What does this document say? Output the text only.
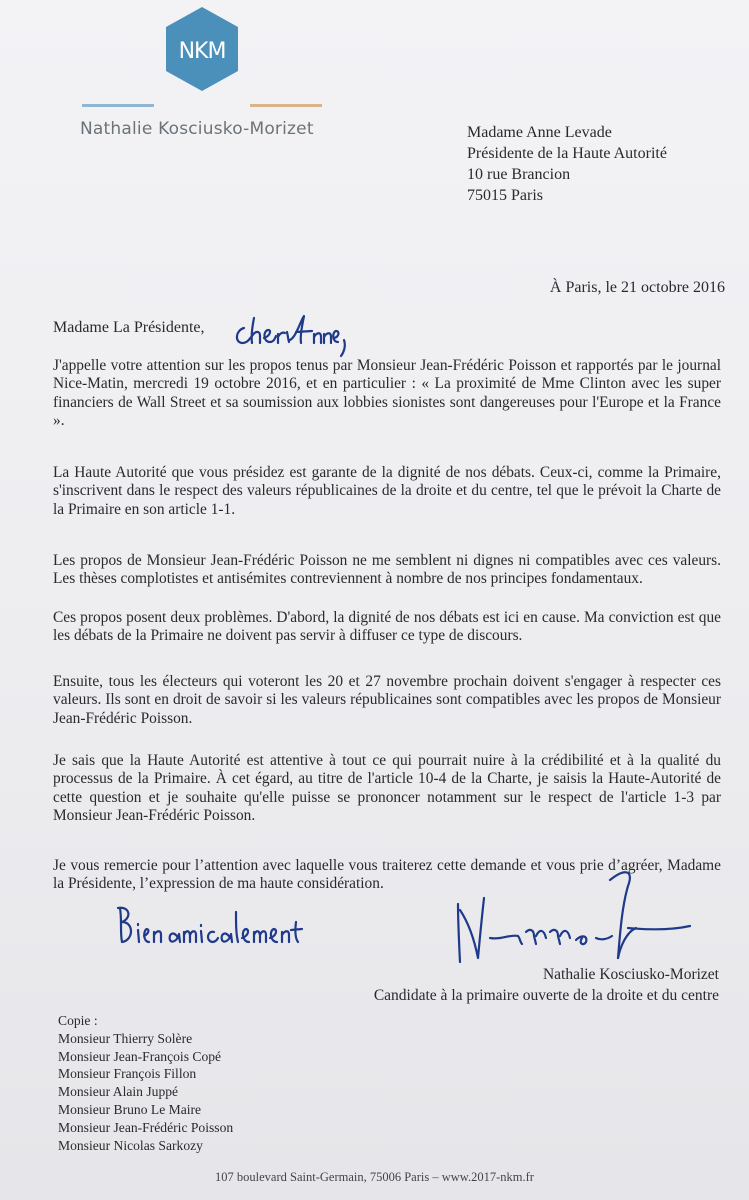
NKM
Nathalie Kosciusko-Morizet	Madame Anne Levade
Présidente de la Haute Autorité
10 rue Brancion
75015 Paris
À Paris, le 21 octobre 2016
Madame La Présidente,

J'appelle votre attention sur les propos tenus par Monsieur Jean-Frédéric Poisson et rapportés par le journal Nice-Matin, mercredi 19 octobre 2016, et en particulier : « La proximité de Mme Clinton avec les super financiers de Wall Street et sa soumission aux lobbies sionistes sont dangereuses pour l'Europe et la France ».

La Haute Autorité que vous présidez est garante de la dignité de nos débats. Ceux-ci, comme la Primaire, s'inscrivent dans le respect des valeurs républicaines de la droite et du centre, tel que le prévoit la Charte de la Primaire en son article 1-1.

Les propos de Monsieur Jean-Frédéric Poisson ne me semblent ni dignes ni compatibles avec ces valeurs. Les thèses complotistes et antisémites contreviennent à nombre de nos principes fondamentaux.

Ces propos posent deux problèmes. D'abord, la dignité de nos débats est ici en cause. Ma conviction est que les débats de la Primaire ne doivent pas servir à diffuser ce type de discours.

Ensuite, tous les électeurs qui voteront les 20 et 27 novembre prochain doivent s'engager à respecter ces valeurs. Ils sont en droit de savoir si les valeurs républicaines sont compatibles avec les propos de Monsieur Jean-Frédéric Poisson.

Je sais que la Haute Autorité est attentive à tout ce qui pourrait nuire à la crédibilité et à la qualité du processus de la Primaire. À cet égard, au titre de l'article 10-4 de la Charte, je saisis la Haute-Autorité de cette question et je souhaite qu'elle puisse se prononcer notamment sur le respect de l'article 1-3 par Monsieur Jean-Frédéric Poisson.

Je vous remercie pour l’attention avec laquelle vous traiterez cette demande et vous prie d’agréer, Madame la Présidente, l’expression de ma haute considération.

Nathalie Kosciusko-Morizet
Candidate à la primaire ouverte de la droite et du centre
Copie :
Monsieur Thierry Solère
Monsieur Jean-François Copé
Monsieur François Fillon
Monsieur Alain Juppé
Monsieur Bruno Le Maire
Monsieur Jean-Frédéric Poisson
Monsieur Nicolas Sarkozy
107 boulevard Saint-Germain, 75006 Paris – www.2017-nkm.fr
